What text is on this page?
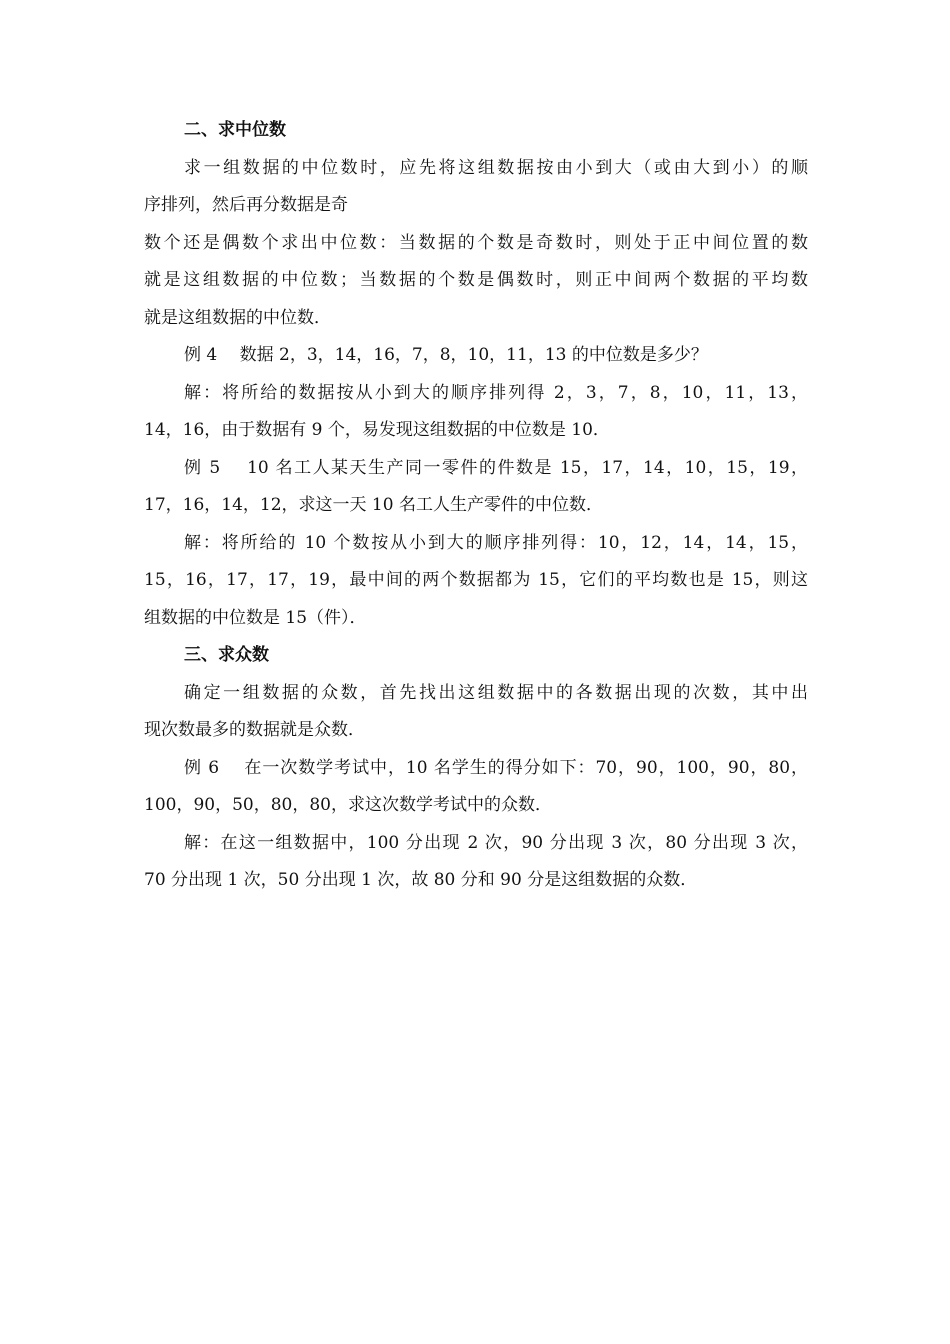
二、求中位数
求一组数据的中位数时，应先将这组数据按由小到大（或由大到小）的顺
序排列，然后再分数据是奇
数个还是偶数个求出中位数：当数据的个数是奇数时，则处于正中间位置的数
就是这组数据的中位数；当数据的个数是偶数时，则正中间两个数据的平均数
就是这组数据的中位数．
例 4　 数据 2，3，14，16，7，8，10，11，13 的中位数是多少？
解：将所给的数据按从小到大的顺序排列得 2，3，7，8，10，11，13，
14，16，由于数据有 9 个，易发现这组数据的中位数是 10．
例 5　 10 名工人某天生产同一零件的件数是 15，17，14，10，15，19，
17，16，14，12，求这一天 10 名工人生产零件的中位数．
解：将所给的 10 个数按从小到大的顺序排列得：10，12，14，14，15，
15，16，17，17，19，最中间的两个数据都为 15，它们的平均数也是 15，则这
组数据的中位数是 15（件）．
三、求众数
确定一组数据的众数，首先找出这组数据中的各数据出现的次数，其中出
现次数最多的数据就是众数．
例 6　 在一次数学考试中，10 名学生的得分如下：70，90，100，90，80，
100，90，50，80，80，求这次数学考试中的众数．
解：在这一组数据中，100 分出现 2 次，90 分出现 3 次，80 分出现 3 次，
70 分出现 1 次，50 分出现 1 次，故 80 分和 90 分是这组数据的众数．
